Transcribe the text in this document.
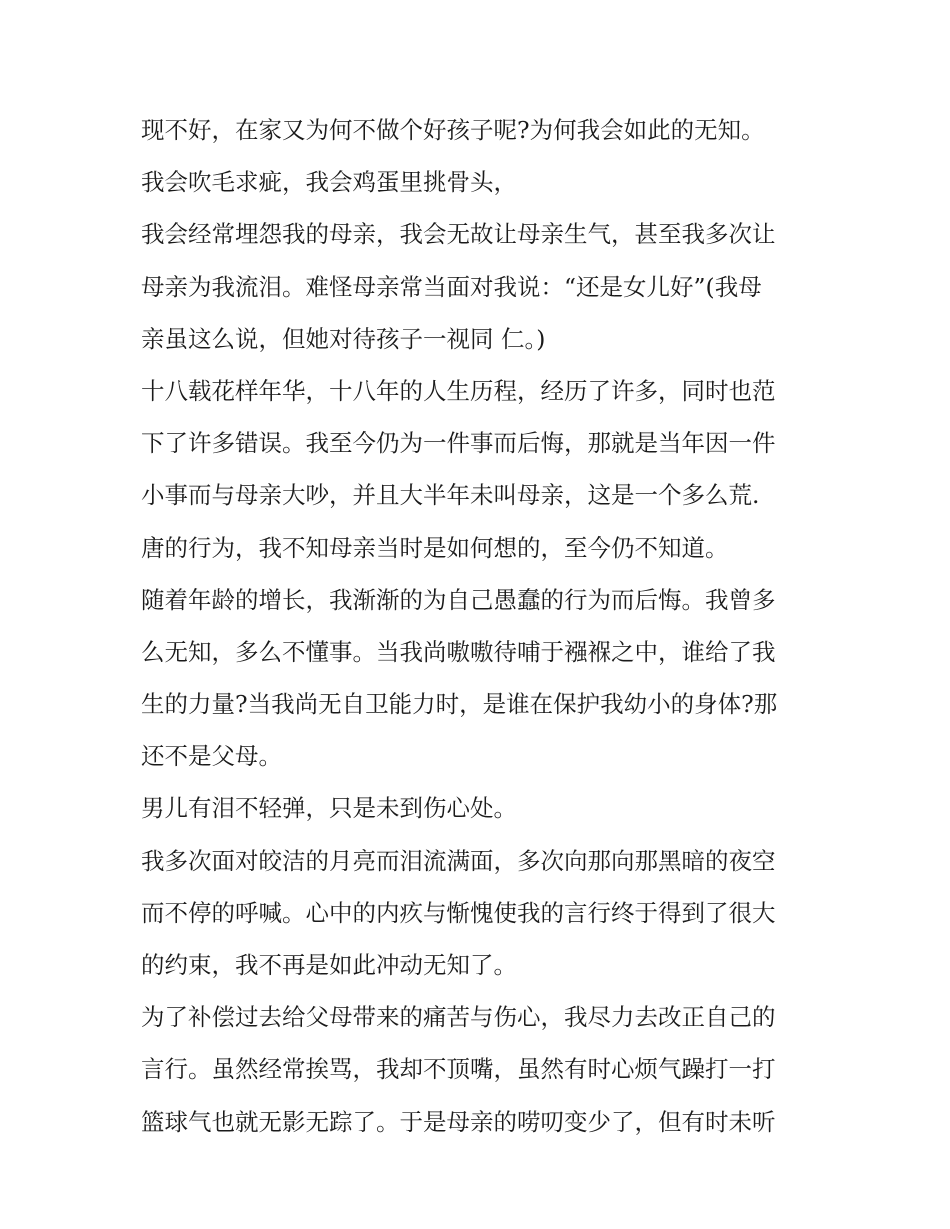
现不好，在家又为何不做个好孩子呢?为何我会如此的无知。
我会吹毛求疵，我会鸡蛋里挑骨头，
我会经常埋怨我的母亲，我会无故让母亲生气，甚至我多次让
母亲为我流泪。难怪母亲常当面对我说：“还是女儿好”(我母
亲虽这么说，但她对待孩子一视同 仁。)
十八载花样年华，十八年的人生历程，经历了许多，同时也范
下了许多错误。我至今仍为一件事而后悔，那就是当年因一件
小事而与母亲大吵，并且大半年未叫母亲，这是一个多么荒.
唐的行为，我不知母亲当时是如何想的，至今仍不知道。
随着年龄的增长，我渐渐的为自己愚蠢的行为而后悔。我曾多
么无知，多么不懂事。当我尚嗷嗷待哺于襁褓之中，谁给了我
生的力量?当我尚无自卫能力时，是谁在保护我幼小的身体?那
还不是父母。
男儿有泪不轻弹，只是未到伤心处。
我多次面对皎洁的月亮而泪流满面，多次向那向那黑暗的夜空
而不停的呼喊。心中的内疚与惭愧使我的言行终于得到了很大
的约束，我不再是如此冲动无知了。
为了补偿过去给父母带来的痛苦与伤心，我尽力去改正自己的
言行。虽然经常挨骂，我却不顶嘴，虽然有时心烦气躁打一打
篮球气也就无影无踪了。于是母亲的唠叨变少了，但有时未听
